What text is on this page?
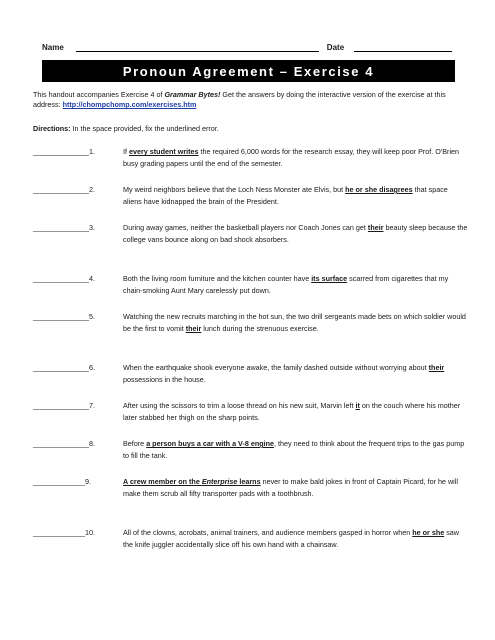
Name	Date
Pronoun Agreement – Exercise 4
This handout accompanies Exercise 4 of Grammar Bytes! Get the answers by doing the interactive version of the exercise at this address: http://chompchomp.com/exercises.htm
Directions: In the space provided, fix the underlined error.
______________1.	If every student writes the required 6,000 words for the research essay, they will keep poor Prof. O'Brien busy grading papers until the end of the semester.
______________2.	My weird neighbors believe that the Loch Ness Monster ate Elvis, but he or she disagrees that space aliens have kidnapped the brain of the President.
______________3.	During away games, neither the basketball players nor Coach Jones can get their beauty sleep because the college vans bounce along on bad shock absorbers.
______________4.	Both the living room furniture and the kitchen counter have its surface scarred from cigarettes that my chain-smoking Aunt Mary carelessly put down.
______________5.	Watching the new recruits marching in the hot sun, the two drill sergeants made bets on which soldier would be the first to vomit their lunch during the strenuous exercise.
______________6.	When the earthquake shook everyone awake, the family dashed outside without worrying about their possessions in the house.
______________7.	After using the scissors to trim a loose thread on his new suit, Marvin left it on the couch where his mother later stabbed her thigh on the sharp points.
______________8.	Before a person buys a car with a V-8 engine, they need to think about the frequent trips to the gas pump to fill the tank.
_____________9.	A crew member on the Enterprise learns never to make bald jokes in front of Captain Picard, for he will make them scrub all fifty transporter pads with a toothbrush.
_____________10.	All of the clowns, acrobats, animal trainers, and audience members gasped in horror when he or she saw the knife juggler accidentally slice off his own hand with a chainsaw.
